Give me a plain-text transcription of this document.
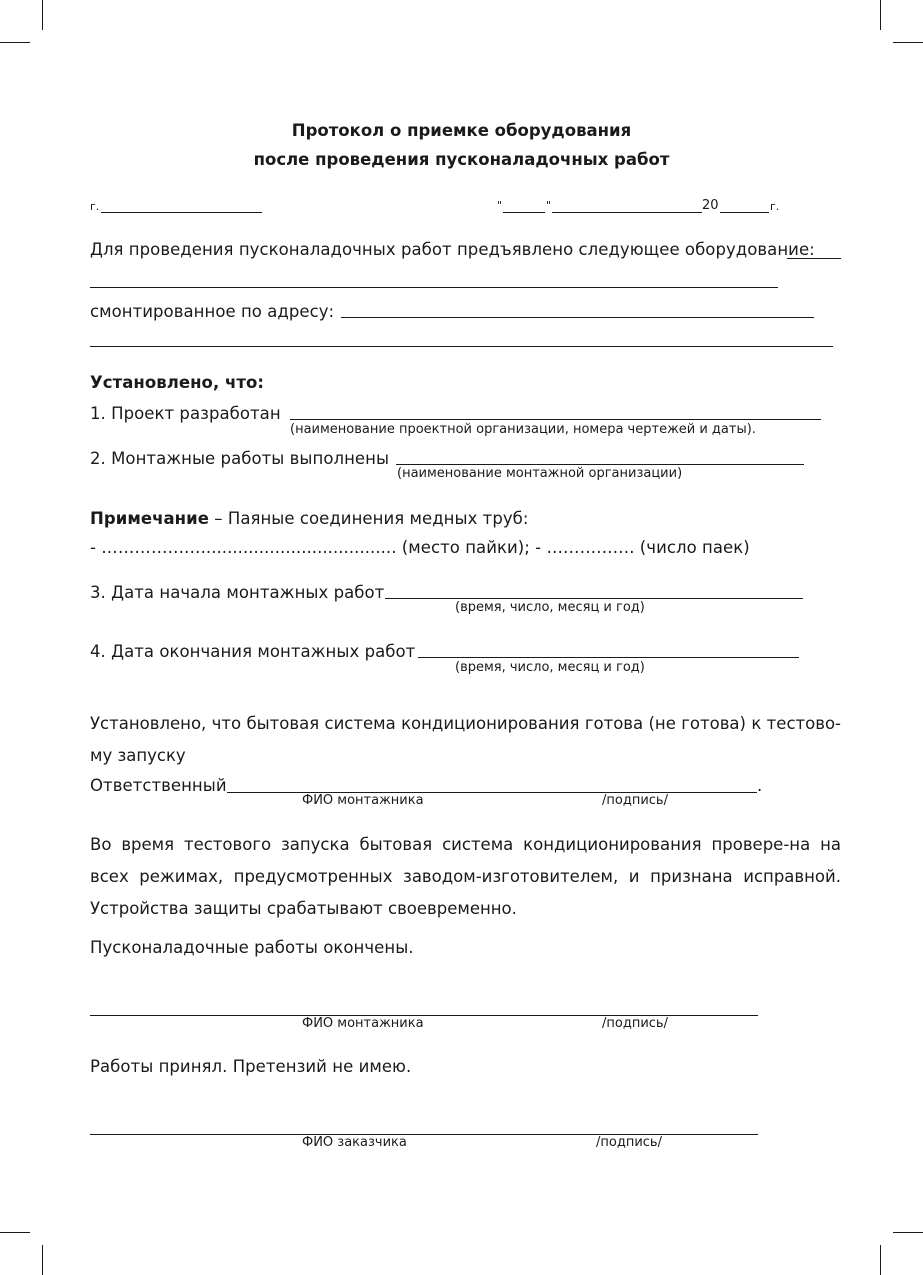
Протокол о приемке оборудования
после проведения пусконаладочных работ
г.	"	"	20	г.
Для проведения пусконаладочных работ предъявлено следующее оборудование:
смонтированное по адресу:
Установлено, что:
1. Проект разработан
(наименование проектной организации, номера чертежей и даты).
2. Монтажные работы выполнены
(наименование монтажной организации)
Примечание – Паяные соединения медных труб:
- ………………..................................... (место пайки); - ……………. (число паек)
3. Дата начала монтажных работ
(время, число, месяц и год)
4. Дата окончания монтажных работ
(время, число, месяц и год)
Установлено, что бытовая система кондиционирования готова (не готова) к тестово-му запуску
Ответственный	.
ФИО монтажника	/подпись/
Во время тестового запуска бытовая система кондиционирования провере-на на всех режимах, предусмотренных заводом-изготовителем, и признана исправной. Устройства защиты срабатывают своевременно.
Пусконаладочные работы окончены.
ФИО монтажника	/подпись/
Работы принял. Претензий не имею.
ФИО заказчика	/подпись/
